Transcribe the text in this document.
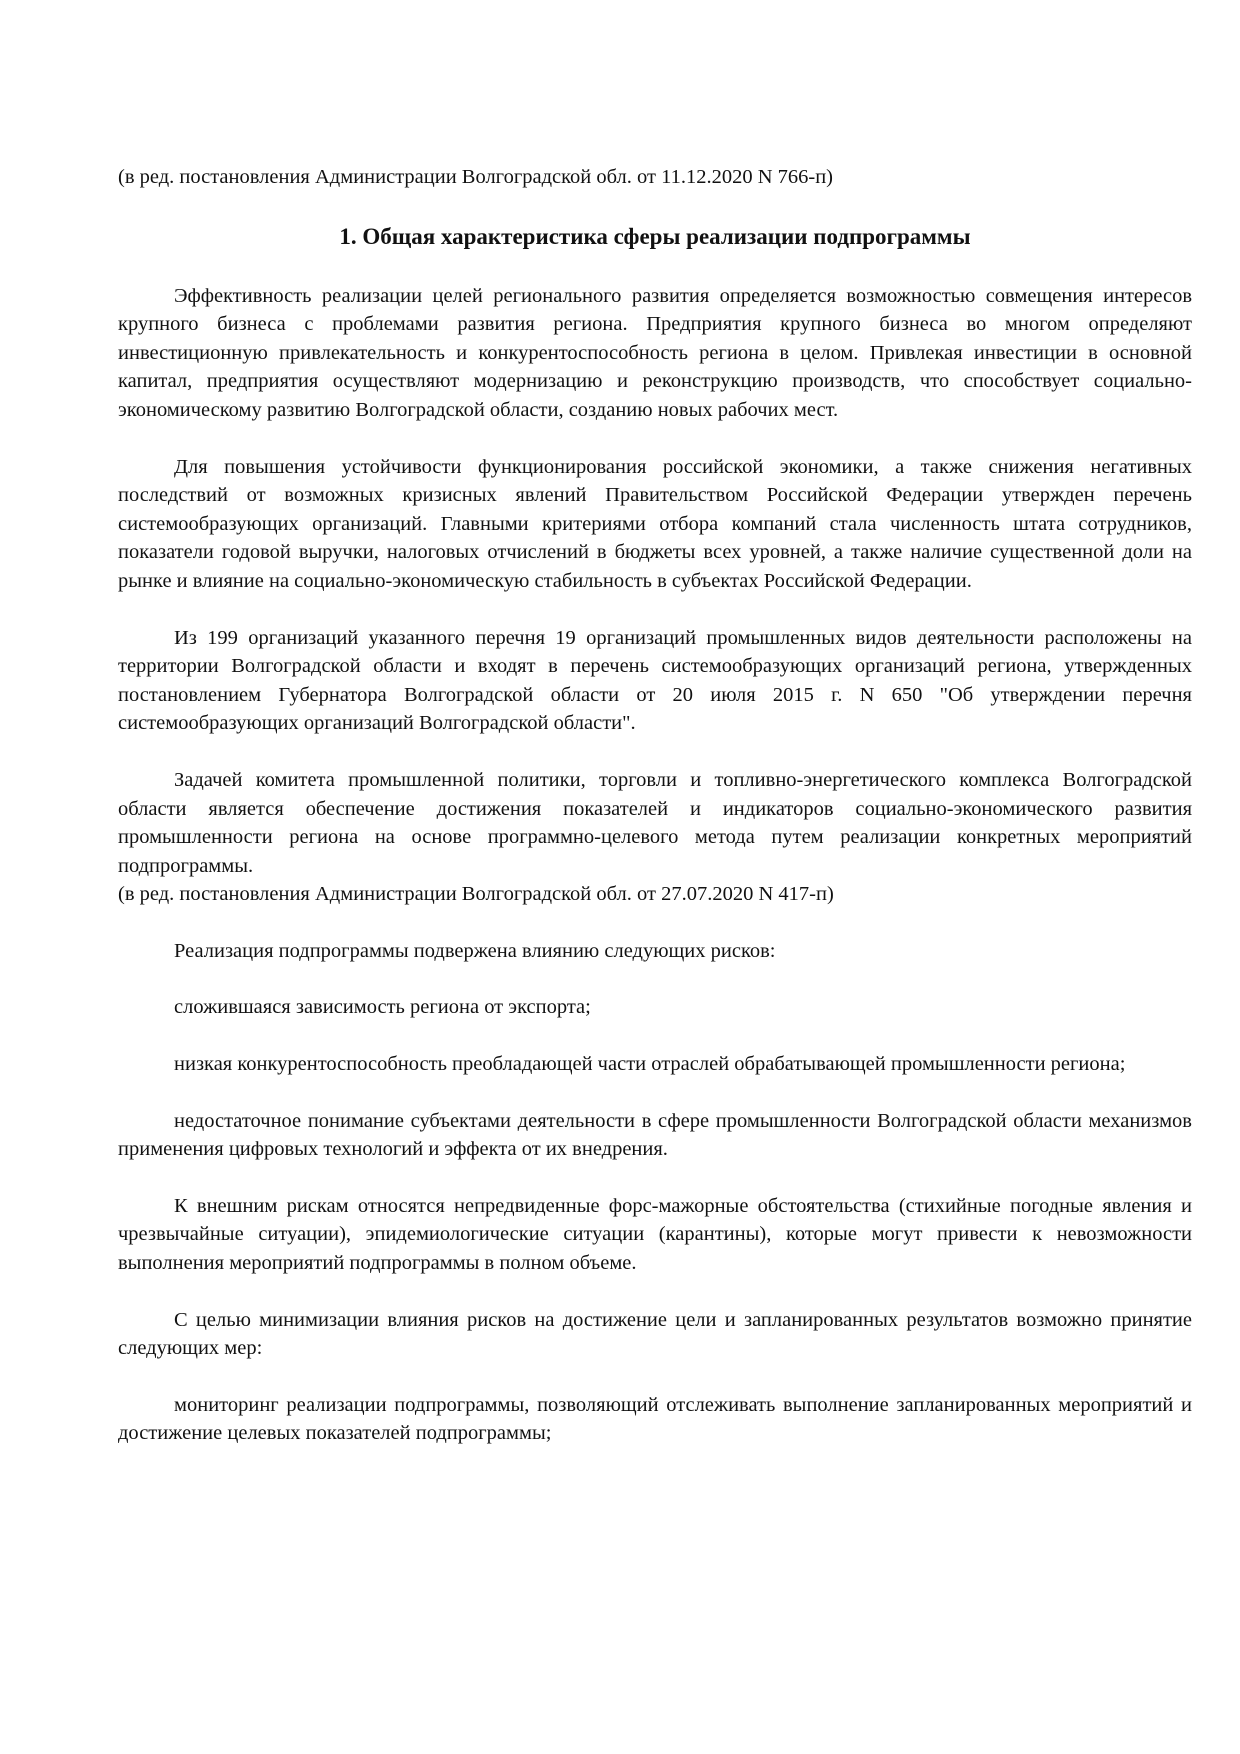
(в ред. постановления Администрации Волгоградской обл. от 11.12.2020 N 766-п)

1. Общая характеристика сферы реализации подпрограммы

Эффективность реализации целей регионального развития определяется возможностью совмещения интересов крупного бизнеса с проблемами развития региона. Предприятия крупного бизнеса во многом определяют инвестиционную привлекательность и конкурентоспособность региона в целом. Привлекая инвестиции в основной капитал, предприятия осуществляют модернизацию и реконструкцию производств, что способствует социально-экономическому развитию Волгоградской области, созданию новых рабочих мест.

Для повышения устойчивости функционирования российской экономики, а также снижения негативных последствий от возможных кризисных явлений Правительством Российской Федерации утвержден перечень системообразующих организаций. Главными критериями отбора компаний стала численность штата сотрудников, показатели годовой выручки, налоговых отчислений в бюджеты всех уровней, а также наличие существенной доли на рынке и влияние на социально-экономическую стабильность в субъектах Российской Федерации.

Из 199 организаций указанного перечня 19 организаций промышленных видов деятельности расположены на территории Волгоградской области и входят в перечень системообразующих организаций региона, утвержденных постановлением Губернатора Волгоградской области от 20 июля 2015 г. N 650 "Об утверждении перечня системообразующих организаций Волгоградской области".

Задачей комитета промышленной политики, торговли и топливно-энергетического комплекса Волгоградской области является обеспечение достижения показателей и индикаторов социально-экономического развития промышленности региона на основе программно-целевого метода путем реализации конкретных мероприятий подпрограммы.

(в ред. постановления Администрации Волгоградской обл. от 27.07.2020 N 417-п)

Реализация подпрограммы подвержена влиянию следующих рисков:

сложившаяся зависимость региона от экспорта;

низкая конкурентоспособность преобладающей части отраслей обрабатывающей промышленности региона;

недостаточное понимание субъектами деятельности в сфере промышленности Волгоградской области механизмов применения цифровых технологий и эффекта от их внедрения.

К внешним рискам относятся непредвиденные форс-мажорные обстоятельства (стихийные погодные явления и чрезвычайные ситуации), эпидемиологические ситуации (карантины), которые могут привести к невозможности выполнения мероприятий подпрограммы в полном объеме.

С целью минимизации влияния рисков на достижение цели и запланированных результатов возможно принятие следующих мер:

мониторинг реализации подпрограммы, позволяющий отслеживать выполнение запланированных мероприятий и достижение целевых показателей подпрограммы;
